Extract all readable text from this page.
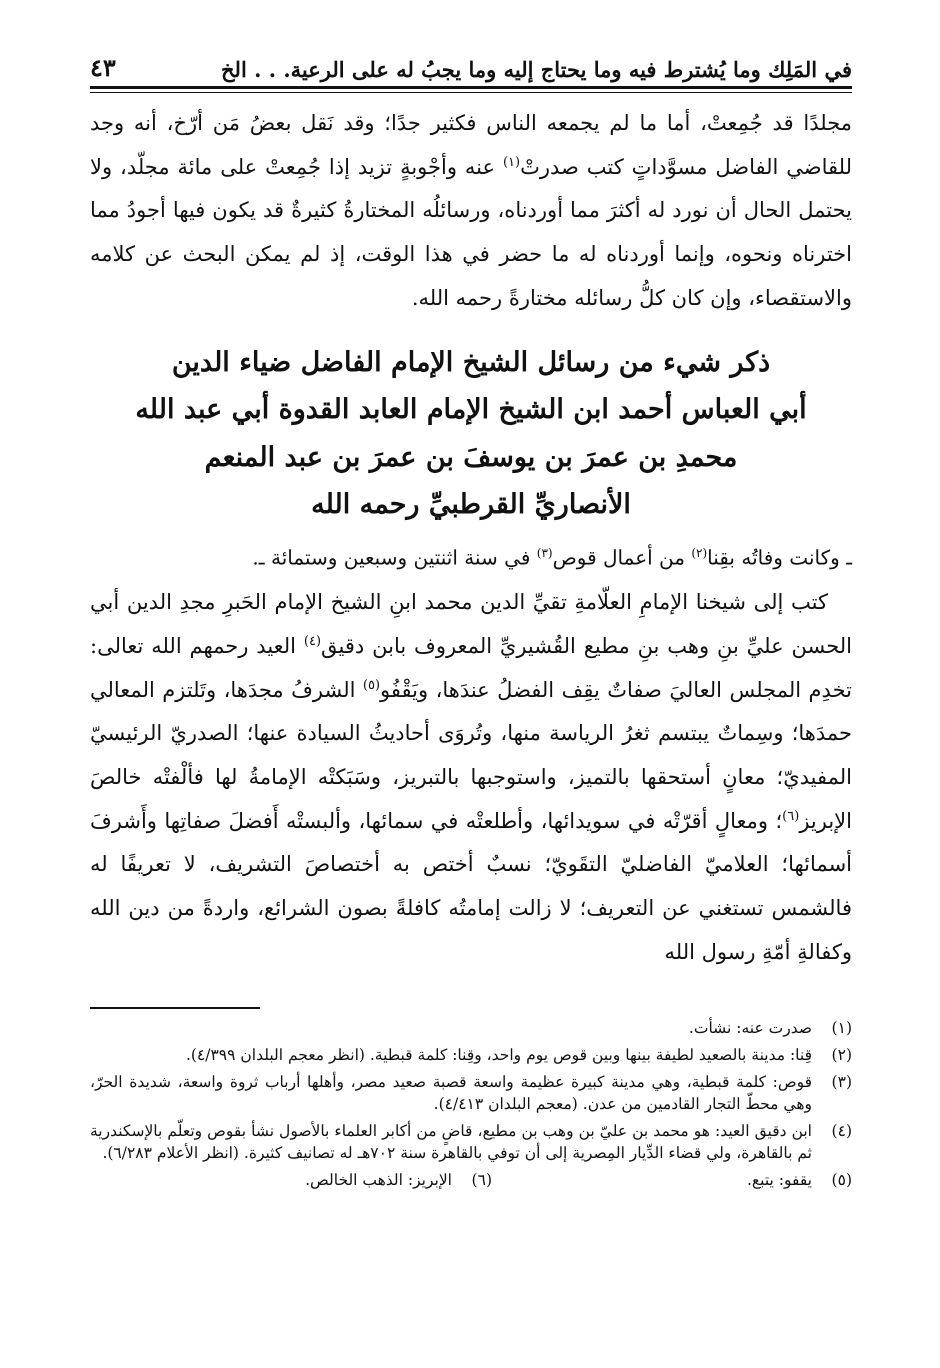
في المَلِك وما يُشترط فيه وما يحتاج إليه وما يجبُ له على الرعية. . . الخ
٤٣

مجلدًا قد جُمِعتْ، أما ما لم يجمعه الناس فكثير جدًا؛ وقد نَقل بعضُ مَن أرّخ، أنه وجد للقاضي الفاضل مسوَّداتٍ كتب صدرتْ$^{(١)}$ عنه وأجْوبةٍ تزيد إذا جُمِعتْ على مائة مجلّد، ولا يحتمل الحال أن نورد له أكثرَ مما أوردناه، ورسائلُه المختارةُ كثيرةٌ قد يكون فيها أجودُ مما اخترناه ونحوه، وإنما أوردناه له ما حضر في هذا الوقت، إذ لم يمكن البحث عن كلامه والاستقصاء، وإن كان كلُّ رسائله مختارةً رحمه الله.

ذكر شيء من رسائل الشيخ الإمام الفاضل ضياء الدين
أبي العباس أحمد ابن الشيخ الإمام العابد القدوة أبي عبد الله
محمدِ بن عمرَ بن يوسفَ بن عمرَ بن عبد المنعم
الأنصاريِّ القرطبيِّ رحمه الله
ـ وكانت وفاتُه بقِنا$^{(٢)}$ من أعمال قوص$^{(٣)}$ في سنة اثنتين وسبعين وستمائة ـ.

كتب إلى شيخنا الإمامِ العلّامةِ تقيِّ الدين محمد ابنِ الشيخ الإمام الحَبرِ مجدِ الدين أبي الحسن عليِّ بنِ وهب بنِ مطيع القُشيريِّ المعروف بابن دقيق$^{(٤)}$ العيد رحمهم الله تعالى: تخدِم المجلس العاليَ صفاتٌ يقِف الفضلُ عندَها، ويَقْفُو$^{(٥)}$ الشرفُ مجدَها، وتَلتزم المعالي حمدَها؛ وسِماتٌ يبتسم ثغرُ الرياسة منها، وتُروَى أحاديثُ السيادة عنها؛ الصدريّ الرئيسيّ المفيديّ؛ معانٍ أستحقها بالتميز، واستوجبها بالتبريز، وسَبَكتْه الإمامةُ لها فألْفتْه خالصَ الإبريز$^{(٦)}$؛ ومعالٍ أقرّتْه في سويدائها، وأطلعتْه في سمائها، وألبستْه أَفضلَ صفاتِها وأَشرفَ أسمائها؛ العلاميّ الفاضليّ التقَويّ؛ نسبٌ أختص به أختصاصَ التشريف، لا تعريفًا له فالشمس تستغني عن التعريف؛ لا زالت إمامتُه كافلةً بصون الشرائع، واردةً من دين الله وكفالةِ أمّةِ رسول الله

(١)
صدرت عنه: نشأت.
(٢)
قِنا: مدينة بالصعيد لطيفة بينها وبين قوص يوم واحد، وقِنا: كلمة قبطية. (انظر معجم البلدان ٤/٣٩٩).
(٣)
قوص: كلمة قبطية، وهي مدينة كبيرة عظيمة واسعة قصبة صعيد مصر، وأهلها أرباب ثروة واسعة، شديدة الحرّ، وهي محطّ التجار القادمين من عدن. (معجم البلدان ٤/٤١٣).
(٤)
ابن دقيق العيد: هو محمد بن عليّ بن وهب بن مطيع، قاضٍ من أكابر العلماء بالأصول نشأ بقوص وتعلّم بالإسكندرية ثم بالقاهرة، ولي قضاء الدِّيار المِصرية إلى أن توفي بالقاهرة سنة ٧٠٢هـ له تصانيف كثيرة. (انظر الأعلام ٦/٢٨٣).
(٥)
يقفو: يتبع.
(٦)
الإبريز: الذهب الخالص.
